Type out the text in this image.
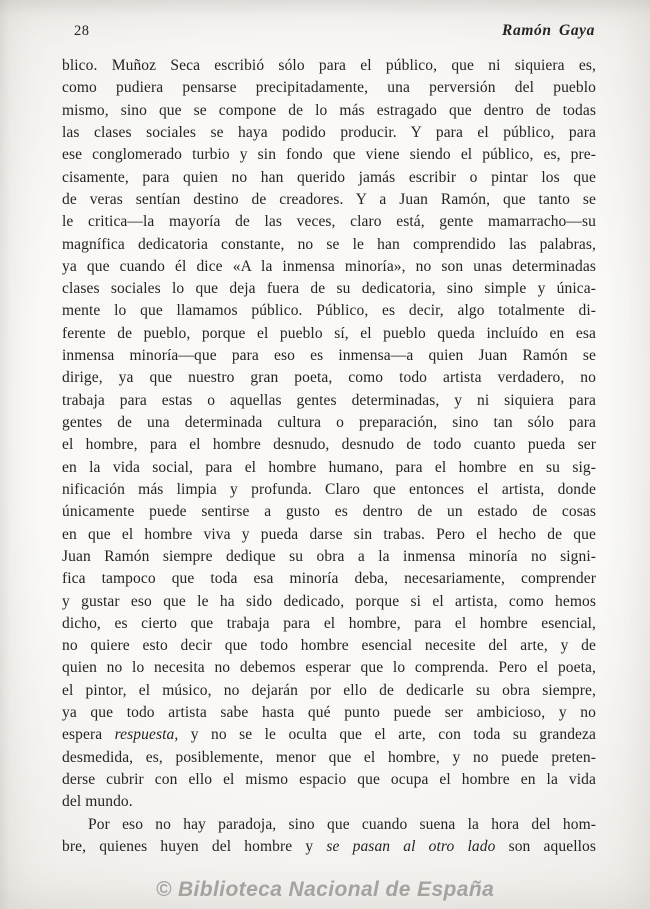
28	Ramón Gaya
blico. Muñoz Seca escribió sólo para el público, que ni siquiera es,
como pudiera pensarse precipitadamente, una perversión del pueblo
mismo, sino que se compone de lo más estragado que dentro de todas
las clases sociales se haya podido producir. Y para el público, para
ese conglomerado turbio y sin fondo que viene siendo el público, es, pre-
cisamente, para quien no han querido jamás escribir o pintar los que
de veras sentían destino de creadores. Y a Juan Ramón, que tanto se
le critica—la mayoría de las veces, claro está, gente mamarracho—su
magnífica dedicatoria constante, no se le han comprendido las palabras,
ya que cuando él dice «A la inmensa minoría», no son unas determinadas
clases sociales lo que deja fuera de su dedicatoria, sino simple y única-
mente lo que llamamos público. Público, es decir, algo totalmente di-
ferente de pueblo, porque el pueblo sí, el pueblo queda incluído en esa
inmensa minoría—que para eso es inmensa—a quien Juan Ramón se
dirige, ya que nuestro gran poeta, como todo artista verdadero, no
trabaja para estas o aquellas gentes determinadas, y ni siquiera para
gentes de una determinada cultura o preparación, sino tan sólo para
el hombre, para el hombre desnudo, desnudo de todo cuanto pueda ser
en la vida social, para el hombre humano, para el hombre en su sig-
nificación más limpia y profunda. Claro que entonces el artista, donde
únicamente puede sentirse a gusto es dentro de un estado de cosas
en que el hombre viva y pueda darse sin trabas. Pero el hecho de que
Juan Ramón siempre dedique su obra a la inmensa minoría no signi-
fica tampoco que toda esa minoría deba, necesariamente, comprender
y gustar eso que le ha sido dedicado, porque si el artista, como hemos
dicho, es cierto que trabaja para el hombre, para el hombre esencial,
no quiere esto decir que todo hombre esencial necesite del arte, y de
quien no lo necesita no debemos esperar que lo comprenda. Pero el poeta,
el pintor, el músico, no dejarán por ello de dedicarle su obra siempre,
ya que todo artista sabe hasta qué punto puede ser ambicioso, y no
espera respuesta, y no se le oculta que el arte, con toda su grandeza
desmedida, es, posiblemente, menor que el hombre, y no puede preten-
derse cubrir con ello el mismo espacio que ocupa el hombre en la vida
del mundo.
Por eso no hay paradoja, sino que cuando suena la hora del hom-
bre, quienes huyen del hombre y se pasan al otro lado son aquellos
© Biblioteca Nacional de España
